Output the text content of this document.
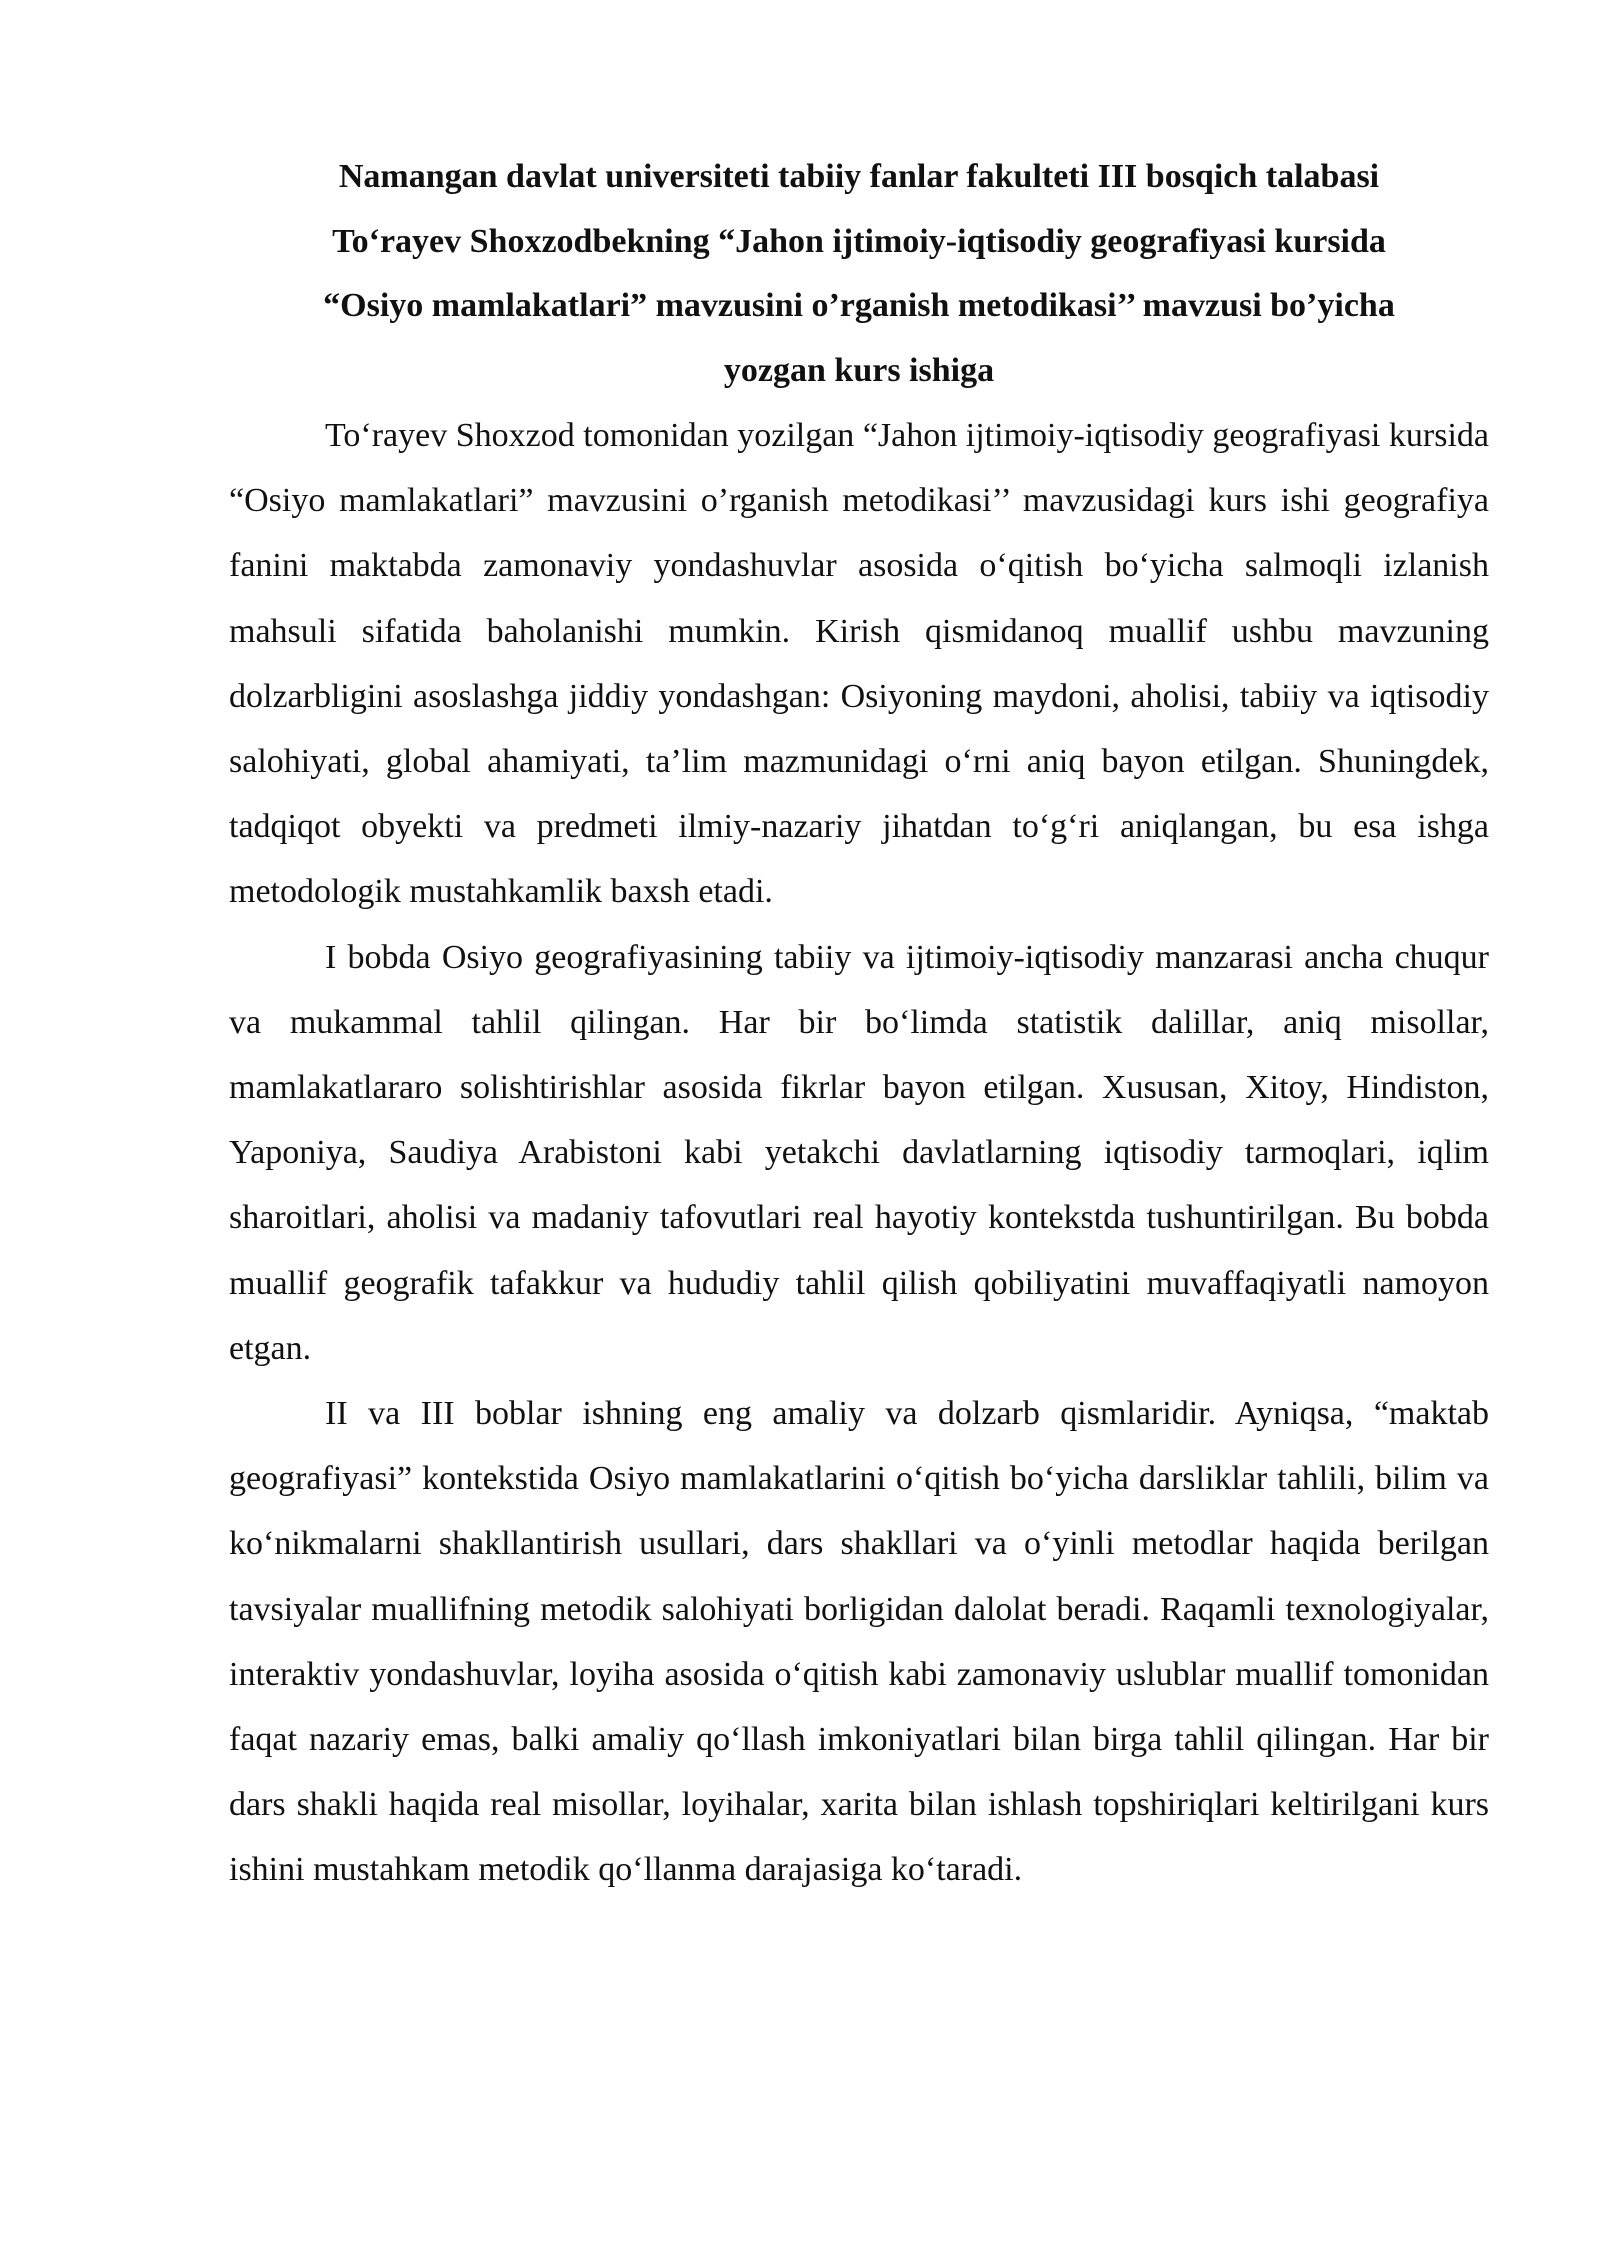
Namangan davlat universiteti tabiiy fanlar fakulteti III bosqich talabasi
To‘rayev Shoxzodbekning “Jahon ijtimoiy-iqtisodiy geografiyasi kursida
“Osiyo mamlakatlari” mavzusini o’rganish metodikasi’’ mavzusi bo’yicha
yozgan kurs ishiga

To‘rayev Shoxzod tomonidan yozilgan “Jahon ijtimoiy-iqtisodiy geografiyasi kursida “Osiyo mamlakatlari” mavzusini o’rganish metodikasi’’ mavzusidagi kurs ishi geografiya fanini maktabda zamonaviy yondashuvlar asosida o‘qitish bo‘yicha salmoqli izlanish mahsuli sifatida baholanishi mumkin. Kirish qismidanoq muallif ushbu mavzuning dolzarbligini asoslashga jiddiy yondashgan: Osiyoning maydoni, aholisi, tabiiy va iqtisodiy salohiyati, global ahamiyati, ta’lim mazmunidagi o‘rni aniq bayon etilgan. Shuningdek, tadqiqot obyekti va predmeti ilmiy-nazariy jihatdan to‘g‘ri aniqlangan, bu esa ishga metodologik mustahkamlik baxsh etadi.

I bobda Osiyo geografiyasining tabiiy va ijtimoiy-iqtisodiy manzarasi ancha chuqur va mukammal tahlil qilingan. Har bir bo‘limda statistik dalillar, aniq misollar, mamlakatlararo solishtirishlar asosida fikrlar bayon etilgan. Xususan, Xitoy, Hindiston, Yaponiya, Saudiya Arabistoni kabi yetakchi davlatlarning iqtisodiy tarmoqlari, iqlim sharoitlari, aholisi va madaniy tafovutlari real hayotiy kontekstda tushuntirilgan. Bu bobda muallif geografik tafakkur va hududiy tahlil qilish qobiliyatini muvaffaqiyatli namoyon etgan.

II va III boblar ishning eng amaliy va dolzarb qismlaridir. Ayniqsa, “maktab geografiyasi” kontekstida Osiyo mamlakatlarini o‘qitish bo‘yicha darsliklar tahlili, bilim va ko‘nikmalarni shakllantirish usullari, dars shakllari va o‘yinli metodlar haqida berilgan tavsiyalar muallifning metodik salohiyati borligidan dalolat beradi. Raqamli texnologiyalar, interaktiv yondashuvlar, loyiha asosida o‘qitish kabi zamonaviy uslublar muallif tomonidan faqat nazariy emas, balki amaliy qo‘llash imkoniyatlari bilan birga tahlil qilingan. Har bir dars shakli haqida real misollar, loyihalar, xarita bilan ishlash topshiriqlari keltirilgani kurs ishini mustahkam metodik qo‘llanma darajasiga ko‘taradi.
